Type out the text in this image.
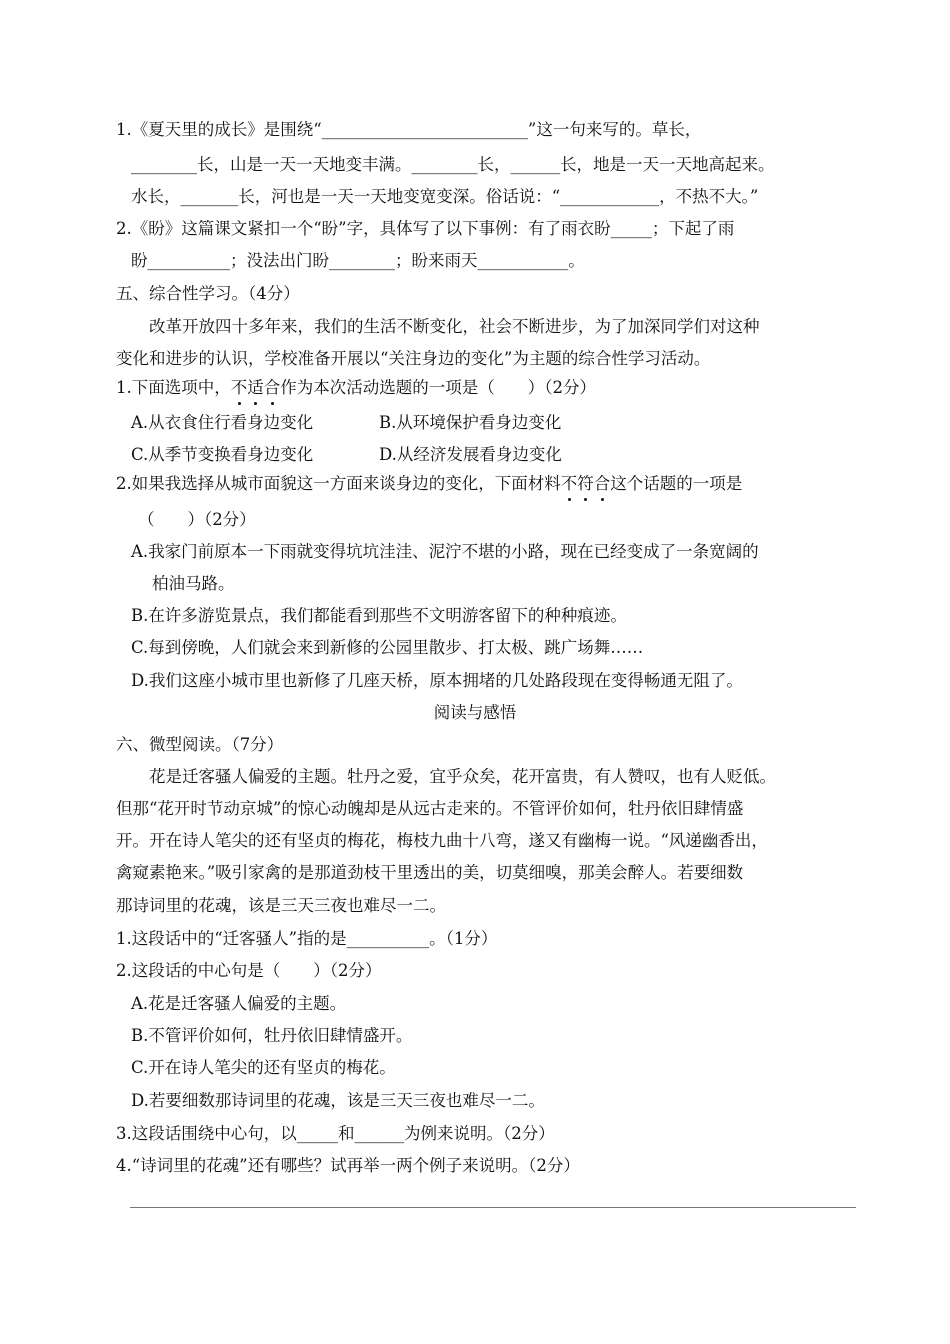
1.《夏天里的成长》是围绕“_________________________”这一句来写的。草长，
________长，山是一天一天地变丰满。________长，______长，地是一天一天地高起来。
水长，_______长，河也是一天一天地变宽变深。俗话说：“____________，不热不大。”
2.《盼》这篇课文紧扣一个“盼”字，具体写了以下事例：有了雨衣盼_____；下起了雨
盼__________；没法出门盼________；盼来雨天___________。
五、综合性学习。（4分）
改革开放四十多年来，我们的生活不断变化，社会不断进步，为了加深同学们对这种
变化和进步的认识，学校准备开展以“关注身边的变化”为主题的综合性学习活动。
1.下面选项中，不适合作为本次活动选题的一项是（　　）（2分）
A.从衣食住行看身边变化	B.从环境保护看身边变化
C.从季节变换看身边变化	D.从经济发展看身边变化
2.如果我选择从城市面貌这一方面来谈身边的变化，下面材料不符合这个话题的一项是
（　　）（2分）
A.我家门前原本一下雨就变得坑坑洼洼、泥泞不堪的小路，现在已经变成了一条宽阔的
柏油马路。
B.在许多游览景点，我们都能看到那些不文明游客留下的种种痕迹。
C.每到傍晚，人们就会来到新修的公园里散步、打太极、跳广场舞……
D.我们这座小城市里也新修了几座天桥，原本拥堵的几处路段现在变得畅通无阻了。
阅读与感悟
六、微型阅读。（7分）
花是迁客骚人偏爱的主题。牡丹之爱，宜乎众矣，花开富贵，有人赞叹，也有人贬低。
但那“花开时节动京城”的惊心动魄却是从远古走来的。不管评价如何，牡丹依旧肆情盛
开。开在诗人笔尖的还有坚贞的梅花，梅枝九曲十八弯，遂又有幽梅一说。“风递幽香出，
禽窥素艳来。”吸引家禽的是那道劲枝干里透出的美，切莫细嗅，那美会醉人。若要细数
那诗词里的花魂，该是三天三夜也难尽一二。
1.这段话中的“迁客骚人”指的是__________。（1分）
2.这段话的中心句是（　　）（2分）
A.花是迁客骚人偏爱的主题。
B.不管评价如何，牡丹依旧肆情盛开。
C.开在诗人笔尖的还有坚贞的梅花。
D.若要细数那诗词里的花魂，该是三天三夜也难尽一二。
3.这段话围绕中心句，以_____和______为例来说明。（2分）
4.“诗词里的花魂”还有哪些？试再举一两个例子来说明。（2分）
